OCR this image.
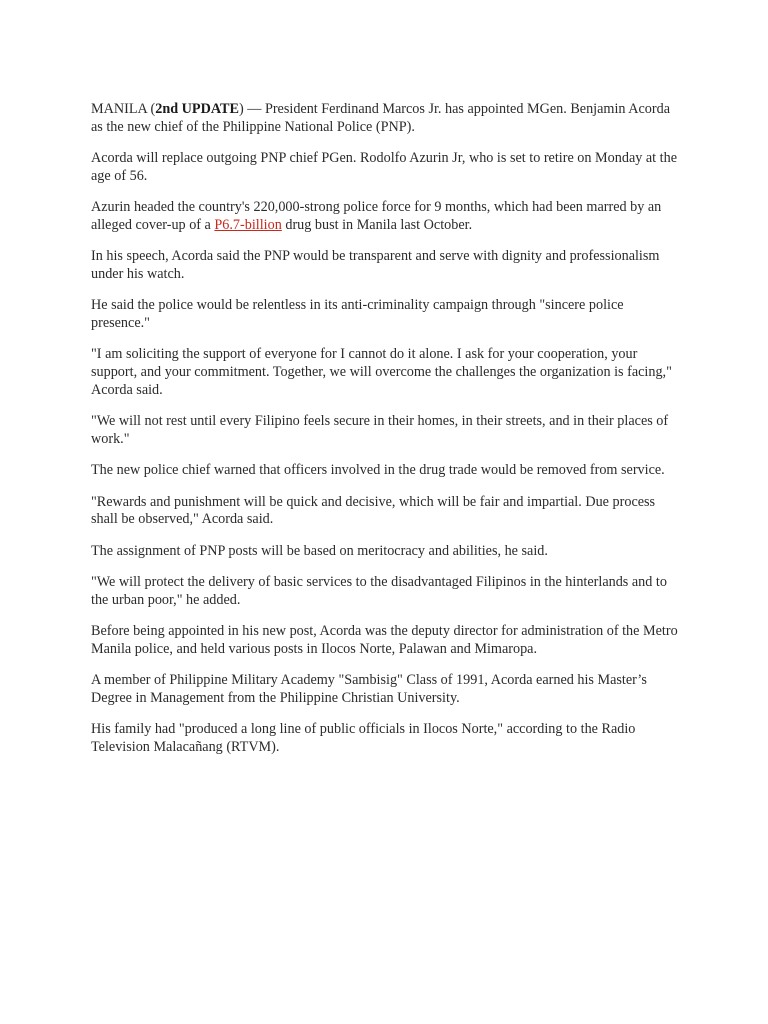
MANILA (2nd UPDATE) — President Ferdinand Marcos Jr. has appointed MGen. Benjamin Acorda as the new chief of the Philippine National Police (PNP).

Acorda will replace outgoing PNP chief PGen. Rodolfo Azurin Jr, who is set to retire on Monday at the age of 56.

Azurin headed the country's 220,000-strong police force for 9 months, which had been marred by an alleged cover-up of a P6.7-billion drug bust in Manila last October.

In his speech, Acorda said the PNP would be transparent and serve with dignity and professionalism under his watch.

He said the police would be relentless in its anti-criminality campaign through "sincere police presence."

"I am soliciting the support of everyone for I cannot do it alone. I ask for your cooperation, your support, and your commitment. Together, we will overcome the challenges the organization is facing," Acorda said.

"We will not rest until every Filipino feels secure in their homes, in their streets, and in their places of work."

The new police chief warned that officers involved in the drug trade would be removed from service.

"Rewards and punishment will be quick and decisive, which will be fair and impartial. Due process shall be observed," Acorda said.

The assignment of PNP posts will be based on meritocracy and abilities, he said.

"We will protect the delivery of basic services to the disadvantaged Filipinos in the hinterlands and to the urban poor," he added.

Before being appointed in his new post, Acorda was the deputy director for administration of the Metro Manila police, and held various posts in Ilocos Norte, Palawan and Mimaropa.

A member of Philippine Military Academy "Sambisig" Class of 1991, Acorda earned his Master’s Degree in Management from the Philippine Christian University.

His family had "produced a long line of public officials in Ilocos Norte," according to the Radio Television Malacañang (RTVM).
